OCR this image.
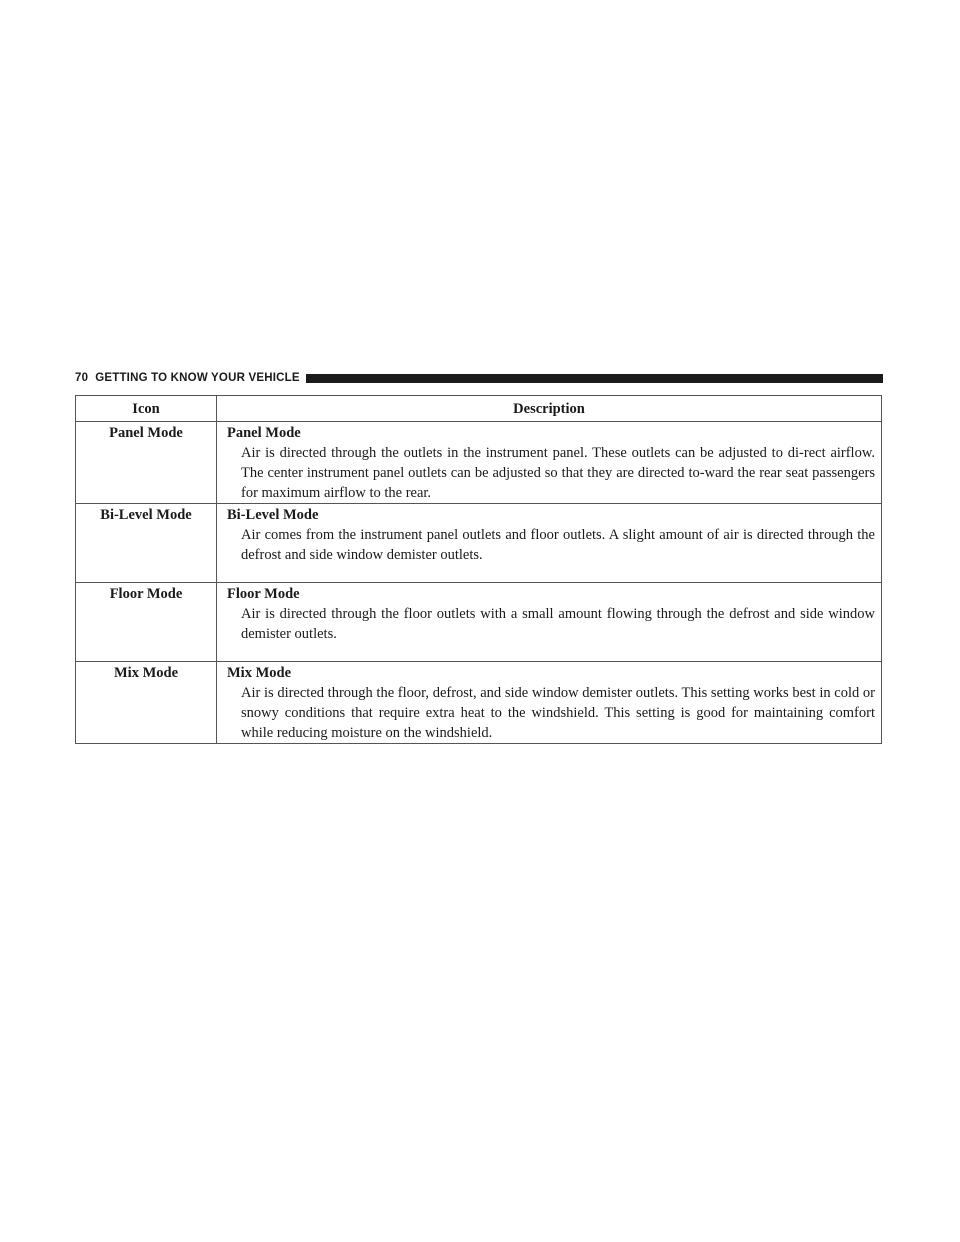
70 GETTING TO KNOW YOUR VEHICLE
Icon	Description

Panel Mode	Panel Mode
Air is directed through the outlets in the instrument panel. These outlets can be adjusted to di-rect airflow. The center instrument panel outlets can be adjusted so that they are directed to-ward the rear seat passengers for maximum airflow to the rear.

Bi-Level Mode	Bi-Level Mode
Air comes from the instrument panel outlets and floor outlets. A slight amount of air is directed through the defrost and side window demister outlets.

Floor Mode	Floor Mode
Air is directed through the floor outlets with a small amount flowing through the defrost and side window demister outlets.

Mix Mode	Mix Mode
Air is directed through the floor, defrost, and side window demister outlets. This setting works best in cold or snowy conditions that require extra heat to the windshield. This setting is good for maintaining comfort while reducing moisture on the windshield.
